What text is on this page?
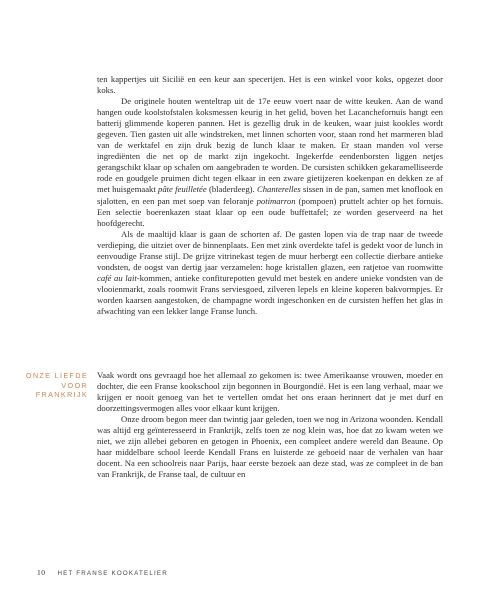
ten kappertjes uit Sicilië en een keur aan specerijen. Het is een winkel voor koks, opgezet door koks.

De originele houten wenteltrap uit de 17e eeuw voert naar de witte keuken. Aan de wand hangen oude koolstofstalen koksmessen keurig in het gelid, boven het Lacanchefornuis hangt een batterij glimmende koperen pannen. Het is gezellig druk in de keuken, waar juist kookles wordt gegeven. Tien gasten uit alle windstreken, met linnen schorten voor, staan rond het marmeren blad van de werktafel en zijn druk bezig de lunch klaar te maken. Er staan manden vol verse ingrediënten die net op de markt zijn ingekocht. Ingekerfde eendenborsten liggen netjes gerangschikt klaar op schalen om aangebraden te worden. De cursisten schikken gekaramelliseerde rode en goudgele pruimen dicht tegen elkaar in een zware gietijzeren koekenpan en dekken ze af met huisgemaakt pâte feuilletée (bladerdeeg). Chanterelles sissen in de pan, samen met knoflook en sjalotten, en een pan met soep van feloranje potimarron (pompoen) pruttelt achter op het fornuis. Een selectie boerenkazen staat klaar op een oude buffettafel; ze worden geserveerd na het hoofdgerecht.

Als de maaltijd klaar is gaan de schorten af. De gasten lopen via de trap naar de tweede verdieping, die uitziet over de binnenplaats. Een met zink overdekte tafel is gedekt voor de lunch in eenvoudige Franse stijl. De grijze vitrinekast tegen de muur herbergt een collectie dierbare antieke vondsten, de oogst van dertig jaar verzamelen: hoge kristallen glazen, een ratjetoe van roomwitte café au lait-kommen, antieke confiturepotten gevuld met bestek en andere unieke vondsten van de vlooienmarkt, zoals roomwit Frans serviesgoed, zilveren lepels en kleine koperen bakvormpjes. Er worden kaarsen aangestoken, de champagne wordt ingeschonken en de cursisten heffen het glas in afwachting van een lekker lange Franse lunch.

ONZE LIEFDE
VOOR
FRANKRIJK

Vaak wordt ons gevraagd hoe het allemaal zo gekomen is: twee Amerikaanse vrouwen, moeder en dochter, die een Franse kookschool zijn begonnen in Bourgondië. Het is een lang verhaal, maar we krijgen er nooit genoeg van het te vertellen omdat het ons eraan herinnert dat je met durf en doorzettingsvermogen alles voor elkaar kunt krijgen.

Onze droom begon meer dan twintig jaar geleden, toen we nog in Arizona woonden. Kendall was altijd erg geïnteresseerd in Frankrijk, zelfs toen ze nog klein was, hoe dat zo kwam weten we niet, we zijn allebei geboren en getogen in Phoenix, een compleet andere wereld dan Beaune. Op haar middelbare school leerde Kendall Frans en luisterde ze geboeid naar de verhalen van haar docent. Na een schoolreis naar Parijs, haar eerste bezoek aan deze stad, was ze compleet in de ban van Frankrijk, de Franse taal, de cultuur en

10 HET FRANSE KOOKATELIER
